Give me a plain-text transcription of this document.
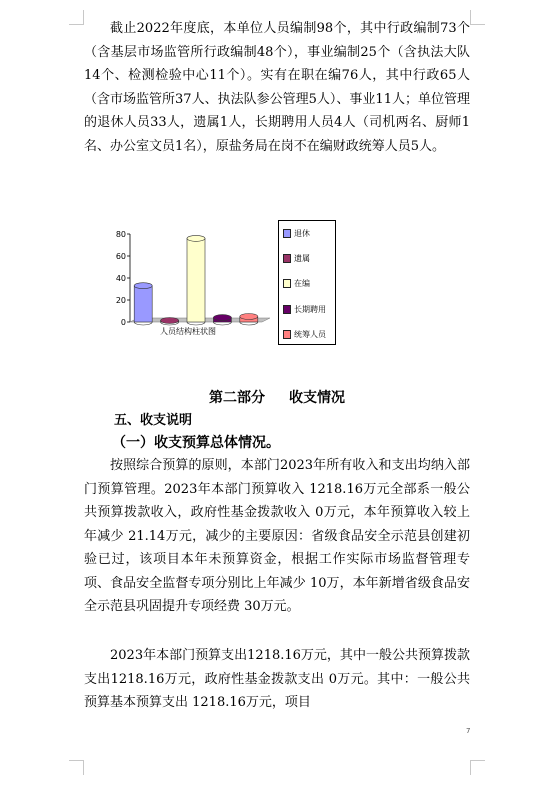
截止2022年度底，本单位人员编制98个，其中行政编制73个（含基层市场监管所行政编制48个），事业编制25个（含执法大队14个、检测检验中心11个）。实有在职在编76人，其中行政65人（含市场监管所37人、执法队参公管理5人）、事业11人；单位管理的退休人员33人，遗属1人，长期聘用人员4人（司机两名、厨师1名、办公室文员1名），原盐务局在岗不在编财政统筹人员5人。

0
20
40
60
80
人员结构柱状图
退休
遗属
在编
长期聘用
统筹人员
第二部分 收支情况
五、收支说明
（一）收支预算总体情况。

按照综合预算的原则，本部门2023年所有收入和支出均纳入部门预算管理。2023年本部门预算收入 1218.16万元全部系一般公共预算拨款收入，政府性基金拨款收入 0万元，本年预算收入较上年减少 21.14万元，减少的主要原因：省级食品安全示范县创建初验已过，该项目本年未预算资金，根据工作实际市场监督管理专项、食品安全监督专项分别比上年减少 10万，本年新增省级食品安全示范县巩固提升专项经费 30万元。

2023年本部门预算支出1218.16万元，其中一般公共预算拨款支出1218.16万元，政府性基金拨款支出 0万元。其中：一般公共预算基本预算支出 1218.16万元，项目

7
